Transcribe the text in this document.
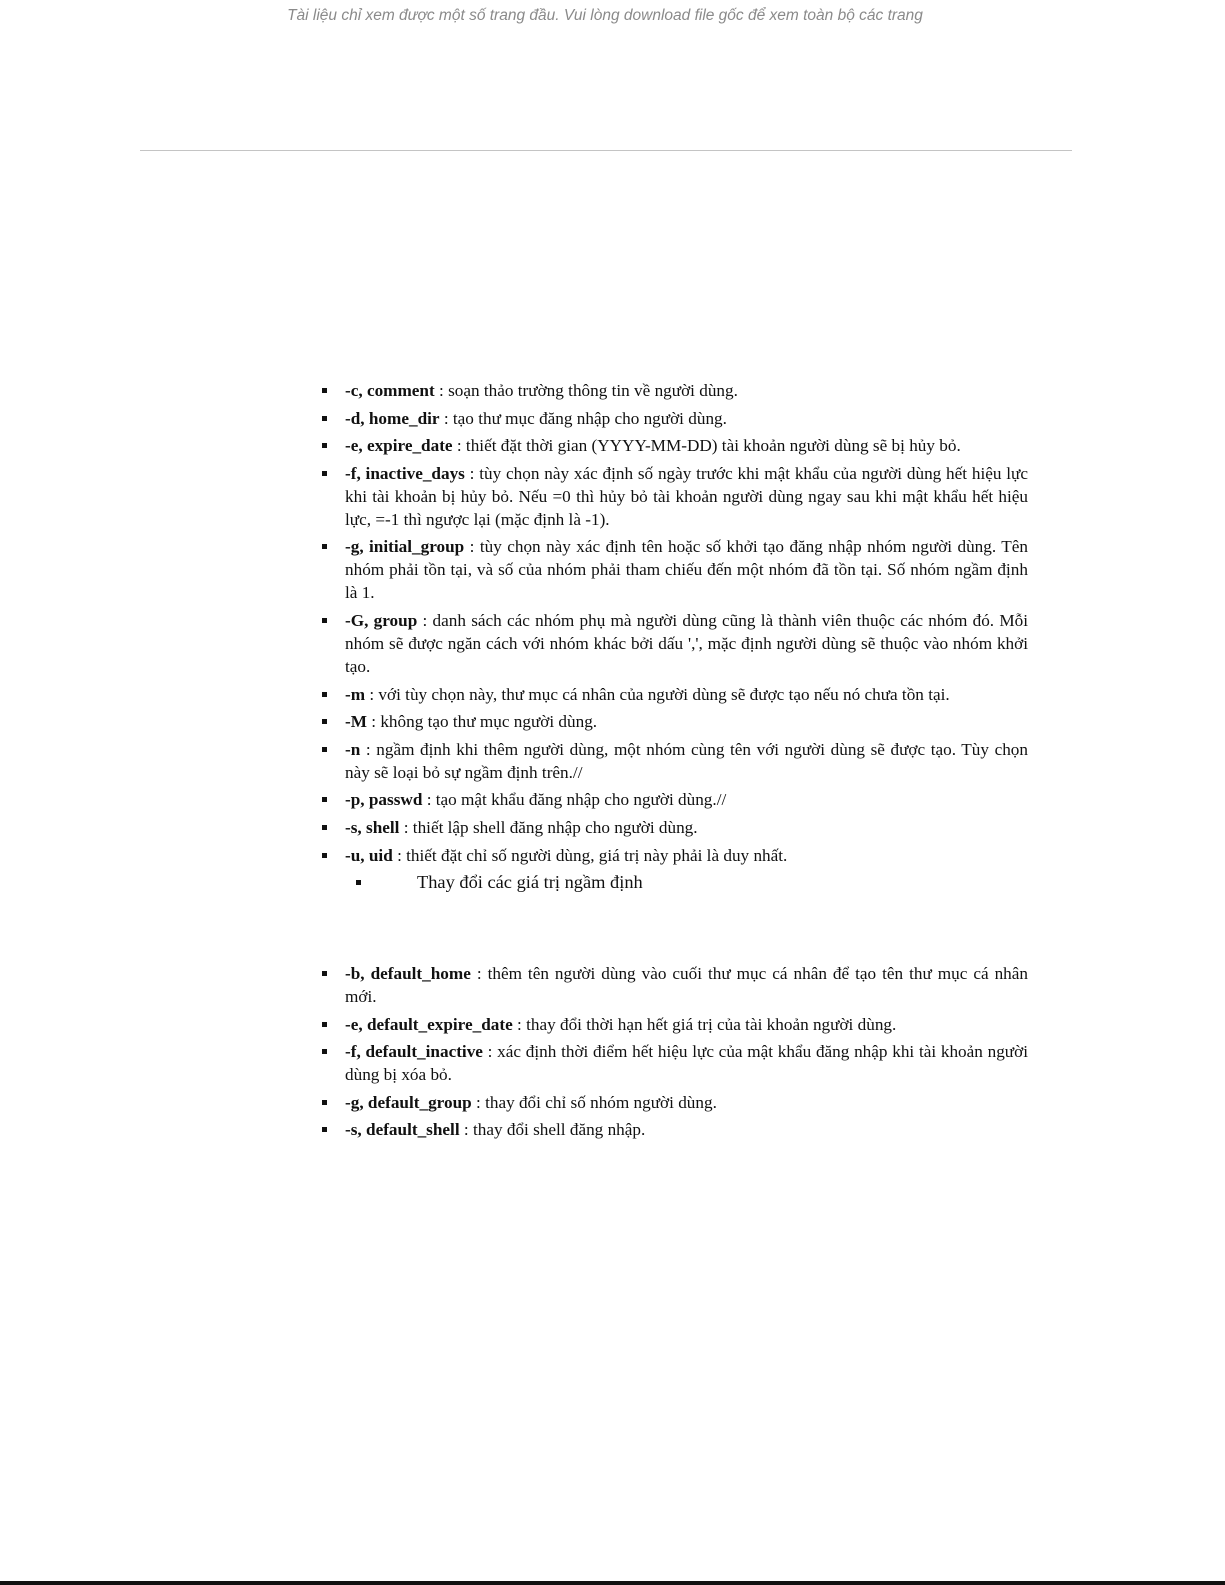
Tài liệu chỉ xem được một số trang đầu. Vui lòng download file gốc để xem toàn bộ các trang
-c, comment : soạn thảo trường thông tin về người dùng.
-d, home_dir : tạo thư mục đăng nhập cho người dùng.
-e, expire_date : thiết đặt thời gian (YYYY-MM-DD) tài khoản người dùng sẽ bị hủy bỏ.
-f, inactive_days : tùy chọn này xác định số ngày trước khi mật khẩu của người dùng hết hiệu lực khi tài khoản bị hủy bỏ. Nếu =0 thì hủy bỏ tài khoản người dùng ngay sau khi mật khẩu hết hiệu lực, =-1 thì ngược lại (mặc định là -1).
-g, initial_group : tùy chọn này xác định tên hoặc số khởi tạo đăng nhập nhóm người dùng. Tên nhóm phải tồn tại, và số của nhóm phải tham chiếu đến một nhóm đã tồn tại. Số nhóm ngầm định là 1.
-G, group : danh sách các nhóm phụ mà người dùng cũng là thành viên thuộc các nhóm đó. Mỗi nhóm sẽ được ngăn cách với nhóm khác bởi dấu ',', mặc định người dùng sẽ thuộc vào nhóm khởi tạo.
-m : với tùy chọn này, thư mục cá nhân của người dùng sẽ được tạo nếu nó chưa tồn tại.
-M : không tạo thư mục người dùng.
-n : ngầm định khi thêm người dùng, một nhóm cùng tên với người dùng sẽ được tạo. Tùy chọn này sẽ loại bỏ sự ngầm định trên.//
-p, passwd : tạo mật khẩu đăng nhập cho người dùng.//
-s, shell : thiết lập shell đăng nhập cho người dùng.
-u, uid : thiết đặt chỉ số người dùng, giá trị này phải là duy nhất.
Thay đổi các giá trị ngầm định
-b, default_home : thêm tên người dùng vào cuối thư mục cá nhân để tạo tên thư mục cá nhân mới.
-e, default_expire_date : thay đổi thời hạn hết giá trị của tài khoản người dùng.
-f, default_inactive : xác định thời điểm hết hiệu lực của mật khẩu đăng nhập khi tài khoản người dùng bị xóa bỏ.
-g, default_group : thay đổi chỉ số nhóm người dùng.
-s, default_shell : thay đổi shell đăng nhập.
